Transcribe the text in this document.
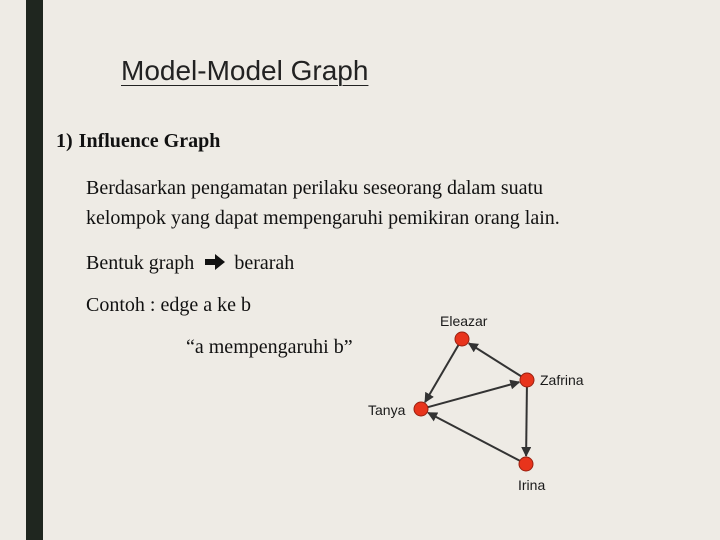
Model-Model Graph
1) Influence Graph
Berdasarkan pengamatan perilaku seseorang dalam suatu
kelompok yang dapat mempengaruhi pemikiran orang lain.
Bentuk graph berarah
Contoh : edge a ke b
“a mempengaruhi b”
Eleazar
Zafrina
Tanya
Irina
